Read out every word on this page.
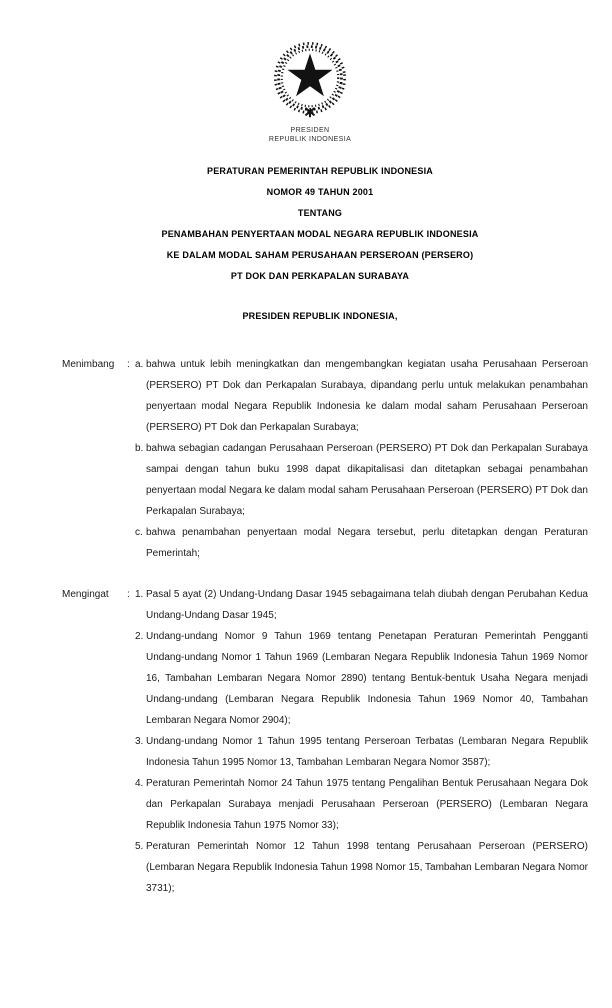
PRESIDEN
REPUBLIK INDONESIA
PERATURAN PEMERINTAH REPUBLIK INDONESIA
NOMOR 49 TAHUN 2001
TENTANG
PENAMBAHAN PENYERTAAN MODAL NEGARA REPUBLIK INDONESIA
KE DALAM MODAL SAHAM PERUSAHAAN PERSEROAN (PERSERO)
PT DOK DAN PERKAPALAN SURABAYA
PRESIDEN REPUBLIK INDONESIA,
Menimbang : a. bahwa untuk lebih meningkatkan dan mengembangkan kegiatan usaha Perusahaan Perseroan (PERSERO) PT Dok dan Perkapalan Surabaya, dipandang perlu untuk melakukan penambahan penyertaan modal Negara Republik Indonesia ke dalam modal saham Perusahaan Perseroan (PERSERO) PT Dok dan Perkapalan Surabaya;
b. bahwa sebagian cadangan Perusahaan Perseroan (PERSERO) PT Dok dan Perkapalan Surabaya sampai dengan tahun buku 1998 dapat dikapitalisasi dan ditetapkan sebagai penambahan penyertaan modal Negara ke dalam modal saham Perusahaan Perseroan (PERSERO) PT Dok dan Perkapalan Surabaya;
c. bahwa penambahan penyertaan modal Negara tersebut, perlu ditetapkan dengan Peraturan Pemerintah;
Mengingat : 1. Pasal 5 ayat (2) Undang-Undang Dasar 1945 sebagaimana telah diubah dengan Perubahan Kedua Undang-Undang Dasar 1945;
2. Undang-undang Nomor 9 Tahun 1969 tentang Penetapan Peraturan Pemerintah Pengganti Undang-undang Nomor 1 Tahun 1969 (Lembaran Negara Republik Indonesia Tahun 1969 Nomor 16, Tambahan Lembaran Negara Nomor 2890) tentang Bentuk-bentuk Usaha Negara menjadi Undang-undang (Lembaran Negara Republik Indonesia Tahun 1969 Nomor 40, Tambahan Lembaran Negara Nomor 2904);
3. Undang-undang Nomor 1 Tahun 1995 tentang Perseroan Terbatas (Lembaran Negara Republik Indonesia Tahun 1995 Nomor 13, Tambahan Lembaran Negara Nomor 3587);
4. Peraturan Pemerintah Nomor 24 Tahun 1975 tentang Pengalihan Bentuk Perusahaan Negara Dok dan Perkapalan Surabaya menjadi Perusahaan Perseroan (PERSERO) (Lembaran Negara Republik Indonesia Tahun 1975 Nomor 33);
5. Peraturan Pemerintah Nomor 12 Tahun 1998 tentang Perusahaan Perseroan (PERSERO) (Lembaran Negara Republik Indonesia Tahun 1998 Nomor 15, Tambahan Lembaran Negara Nomor 3731);
